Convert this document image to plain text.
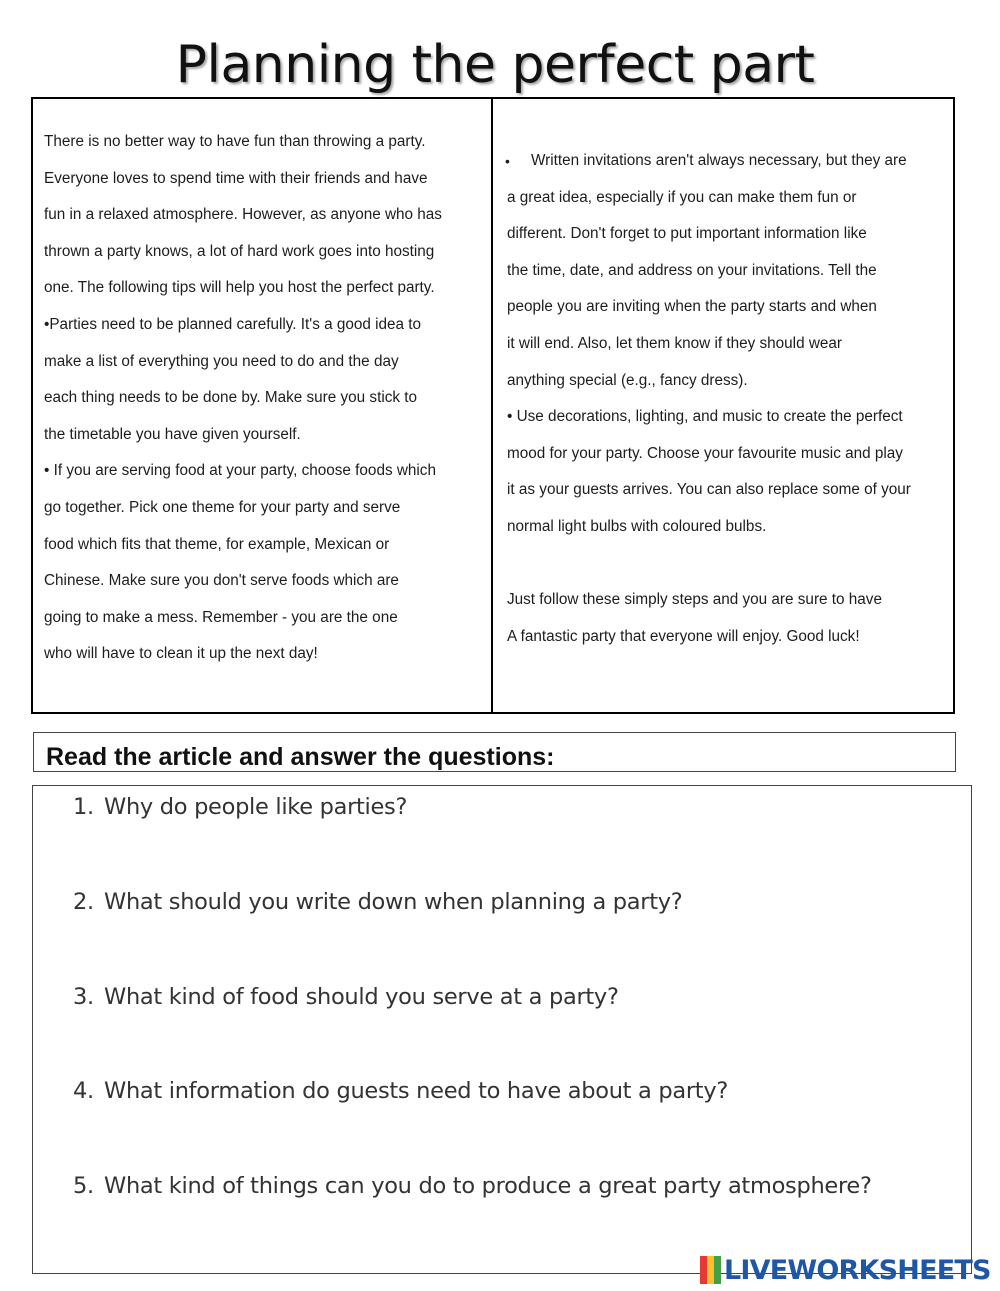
Planning the perfect part

There is no better way to have fun than throwing a party.

Everyone loves to spend time with their friends and have

fun in a relaxed atmosphere. However, as anyone who has

thrown a party knows, a lot of hard work goes into hosting

one. The following tips will help you host the perfect party.

•Parties need to be planned carefully. It's a good idea to

make a list of everything you need to do and the day

each thing needs to be done by. Make sure you stick to

the timetable you have given yourself.

• If you are serving food at your party, choose foods which

go together. Pick one theme for your party and serve

food which fits that theme, for example, Mexican or

Chinese. Make sure you don't serve foods which are

going to make a mess. Remember - you are the one

who will have to clean it up the next day!

• Written invitations aren't always necessary, but they are

a great idea, especially if you can make them fun or

different. Don't forget to put important information like

the time, date, and address on your invitations. Tell the

people you are inviting when the party starts and when

it will end. Also, let them know if they should wear

anything special (e.g., fancy dress).

• Use decorations, lighting, and music to create the perfect

mood for your party. Choose your favourite music and play

it as your guests arrives. You can also replace some of your

normal light bulbs with coloured bulbs.

Just follow these simply steps and you are sure to have

A fantastic party that everyone will enjoy. Good luck!

Read the article and answer the questions:
1. Why do people like parties?
2. What should you write down when planning a party?
3. What kind of food should you serve at a party?
4. What information do guests need to have about a party?
5. What kind of things can you do to produce a great party atmosphere?
LIVEWORKSHEETS
